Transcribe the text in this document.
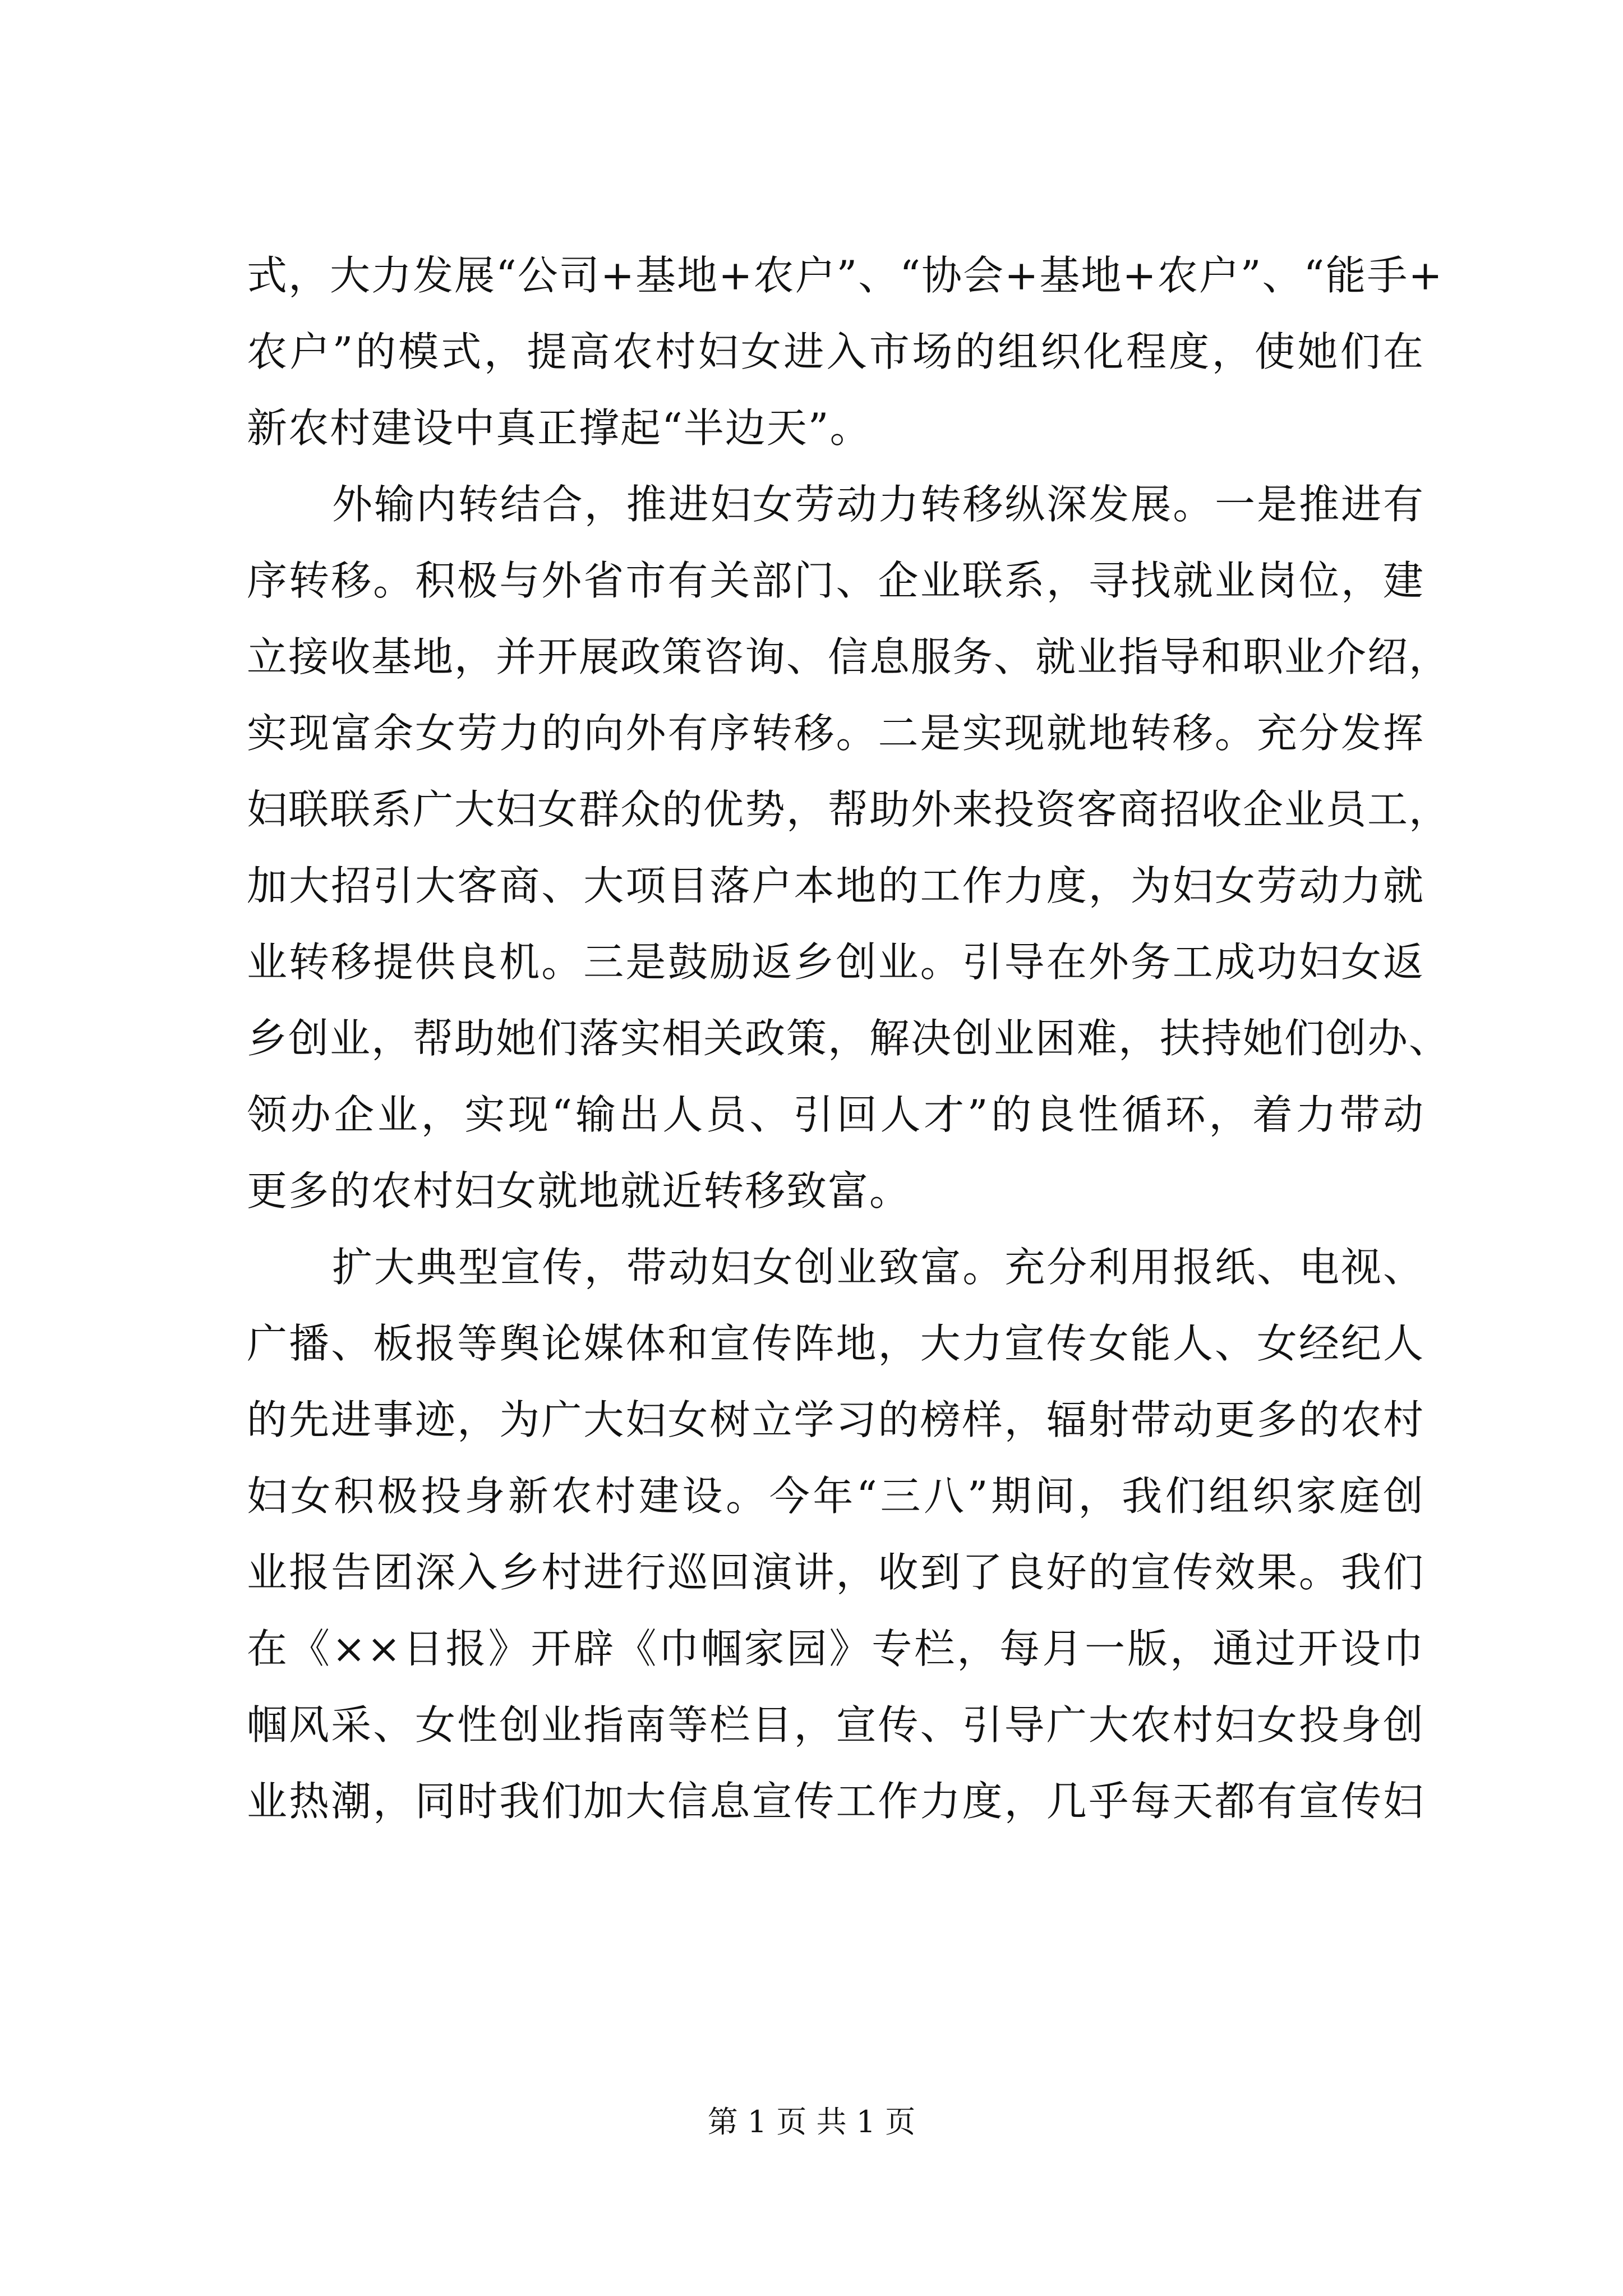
式，大力发展“公司+基地+农户”、“协会+基地+农户”、“能手+
农户”的模式，提高农村妇女进入市场的组织化程度，使她们在
新农村建设中真正撑起“半边天”。
外输内转结合，推进妇女劳动力转移纵深发展。一是推进有
序转移。积极与外省市有关部门、企业联系，寻找就业岗位，建
立接收基地，并开展政策咨询、信息服务、就业指导和职业介绍，
实现富余女劳力的向外有序转移。二是实现就地转移。充分发挥
妇联联系广大妇女群众的优势，帮助外来投资客商招收企业员工，
加大招引大客商、大项目落户本地的工作力度，为妇女劳动力就
业转移提供良机。三是鼓励返乡创业。引导在外务工成功妇女返
乡创业，帮助她们落实相关政策，解决创业困难，扶持她们创办、
领办企业，实现“输出人员、引回人才”的良性循环，着力带动
更多的农村妇女就地就近转移致富。
扩大典型宣传，带动妇女创业致富。充分利用报纸、电视、
广播、板报等舆论媒体和宣传阵地，大力宣传女能人、女经纪人
的先进事迹，为广大妇女树立学习的榜样，辐射带动更多的农村
妇女积极投身新农村建设。今年“三八”期间，我们组织家庭创
业报告团深入乡村进行巡回演讲，收到了良好的宣传效果。我们
在《××日报》开辟《巾帼家园》专栏，每月一版，通过开设巾
帼风采、女性创业指南等栏目，宣传、引导广大农村妇女投身创
业热潮，同时我们加大信息宣传工作力度，几乎每天都有宣传妇
第 1 页 共 1 页
